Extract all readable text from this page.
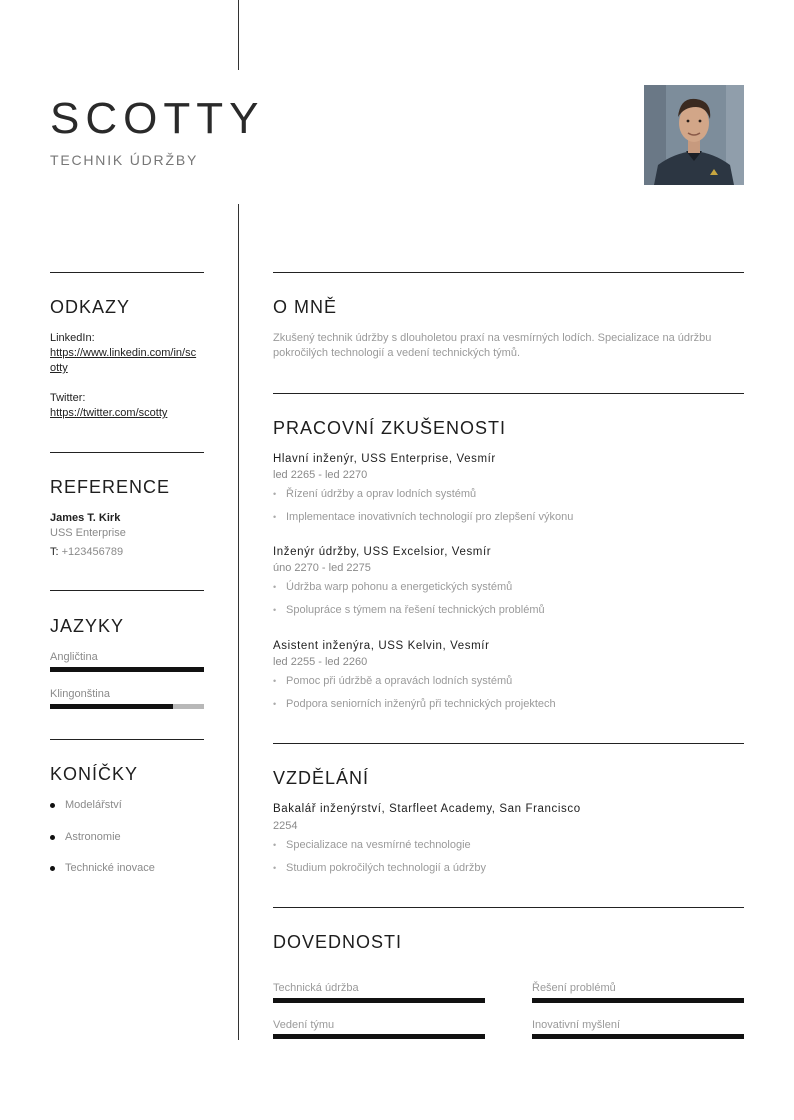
SCOTTY
TECHNIK ÚDRŽBY
ODKAZY
LinkedIn:
https://www.linkedin.com/in/scotty
Twitter:
https://twitter.com/scotty
REFERENCE
James T. Kirk
USS Enterprise
T: +123456789
JAZYKY
Angličtina
Klingonština
KONÍČKY
Modelářství
Astronomie
Technické inovace
O MNĚ
Zkušený technik údržby s dlouholetou praxí na vesmírných lodích. Specializace na údržbu pokročilých technologií a vedení technických týmů.
PRACOVNÍ ZKUŠENOSTI
Hlavní inženýr, USS Enterprise, Vesmír
led 2265 - led 2270
• Řízení údržby a oprav lodních systémů
• Implementace inovativních technologií pro zlepšení výkonu
Inženýr údržby, USS Excelsior, Vesmír
úno 2270 - led 2275
• Údržba warp pohonu a energetických systémů
• Spolupráce s týmem na řešení technických problémů
Asistent inženýra, USS Kelvin, Vesmír
led 2255 - led 2260
• Pomoc při údržbě a opravách lodních systémů
• Podpora seniorních inženýrů při technických projektech
VZDĚLÁNÍ
Bakalář inženýrství, Starfleet Academy, San Francisco
2254
• Specializace na vesmírné technologie
• Studium pokročilých technologií a údržby
DOVEDNOSTI
Technická údržba	Řešení problémů
Vedení týmu	Inovativní myšlení
